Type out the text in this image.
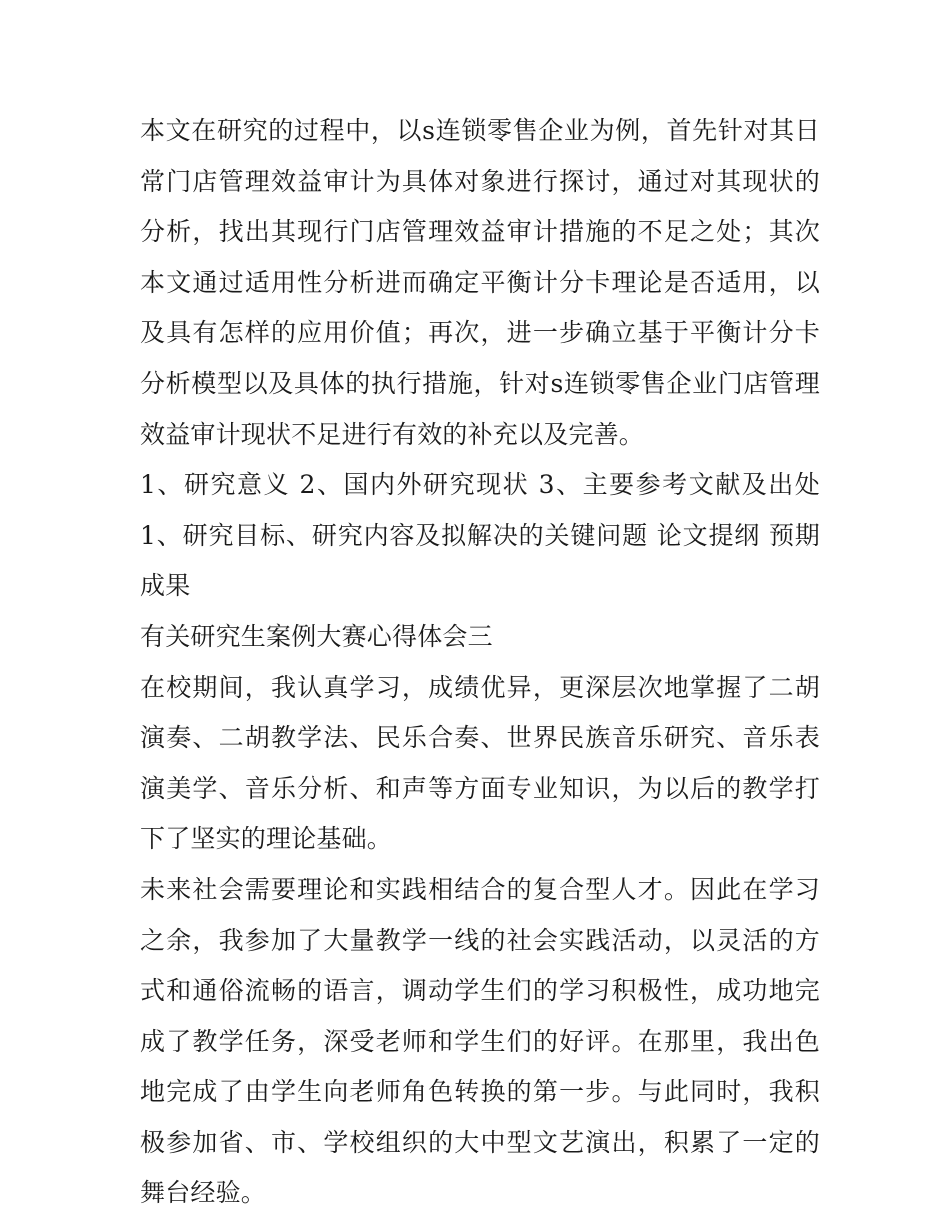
本文在研究的过程中，以s连锁零售企业为例，首先针对其日常门店管理效益审计为具体对象进行探讨，通过对其现状的分析，找出其现行门店管理效益审计措施的不足之处；其次本文通过适用性分析进而确定平衡计分卡理论是否适用，以及具有怎样的应用价值；再次，进一步确立基于平衡计分卡分析模型以及具体的执行措施，针对s连锁零售企业门店管理效益审计现状不足进行有效的补充以及完善。

1、研究意义 2、国内外研究现状 3、主要参考文献及出处 1、研究目标、研究内容及拟解决的关键问题 论文提纲 预期成果

有关研究生案例大赛心得体会三

在校期间，我认真学习，成绩优异，更深层次地掌握了二胡演奏、二胡教学法、民乐合奏、世界民族音乐研究、音乐表演美学、音乐分析、和声等方面专业知识，为以后的教学打下了坚实的理论基础。

未来社会需要理论和实践相结合的复合型人才。因此在学习之余，我参加了大量教学一线的社会实践活动，以灵活的方式和通俗流畅的语言，调动学生们的学习积极性，成功地完成了教学任务，深受老师和学生们的好评。在那里，我出色地完成了由学生向老师角色转换的第一步。与此同时，我积极参加省、市、学校组织的大中型文艺演出，积累了一定的舞台经验。
